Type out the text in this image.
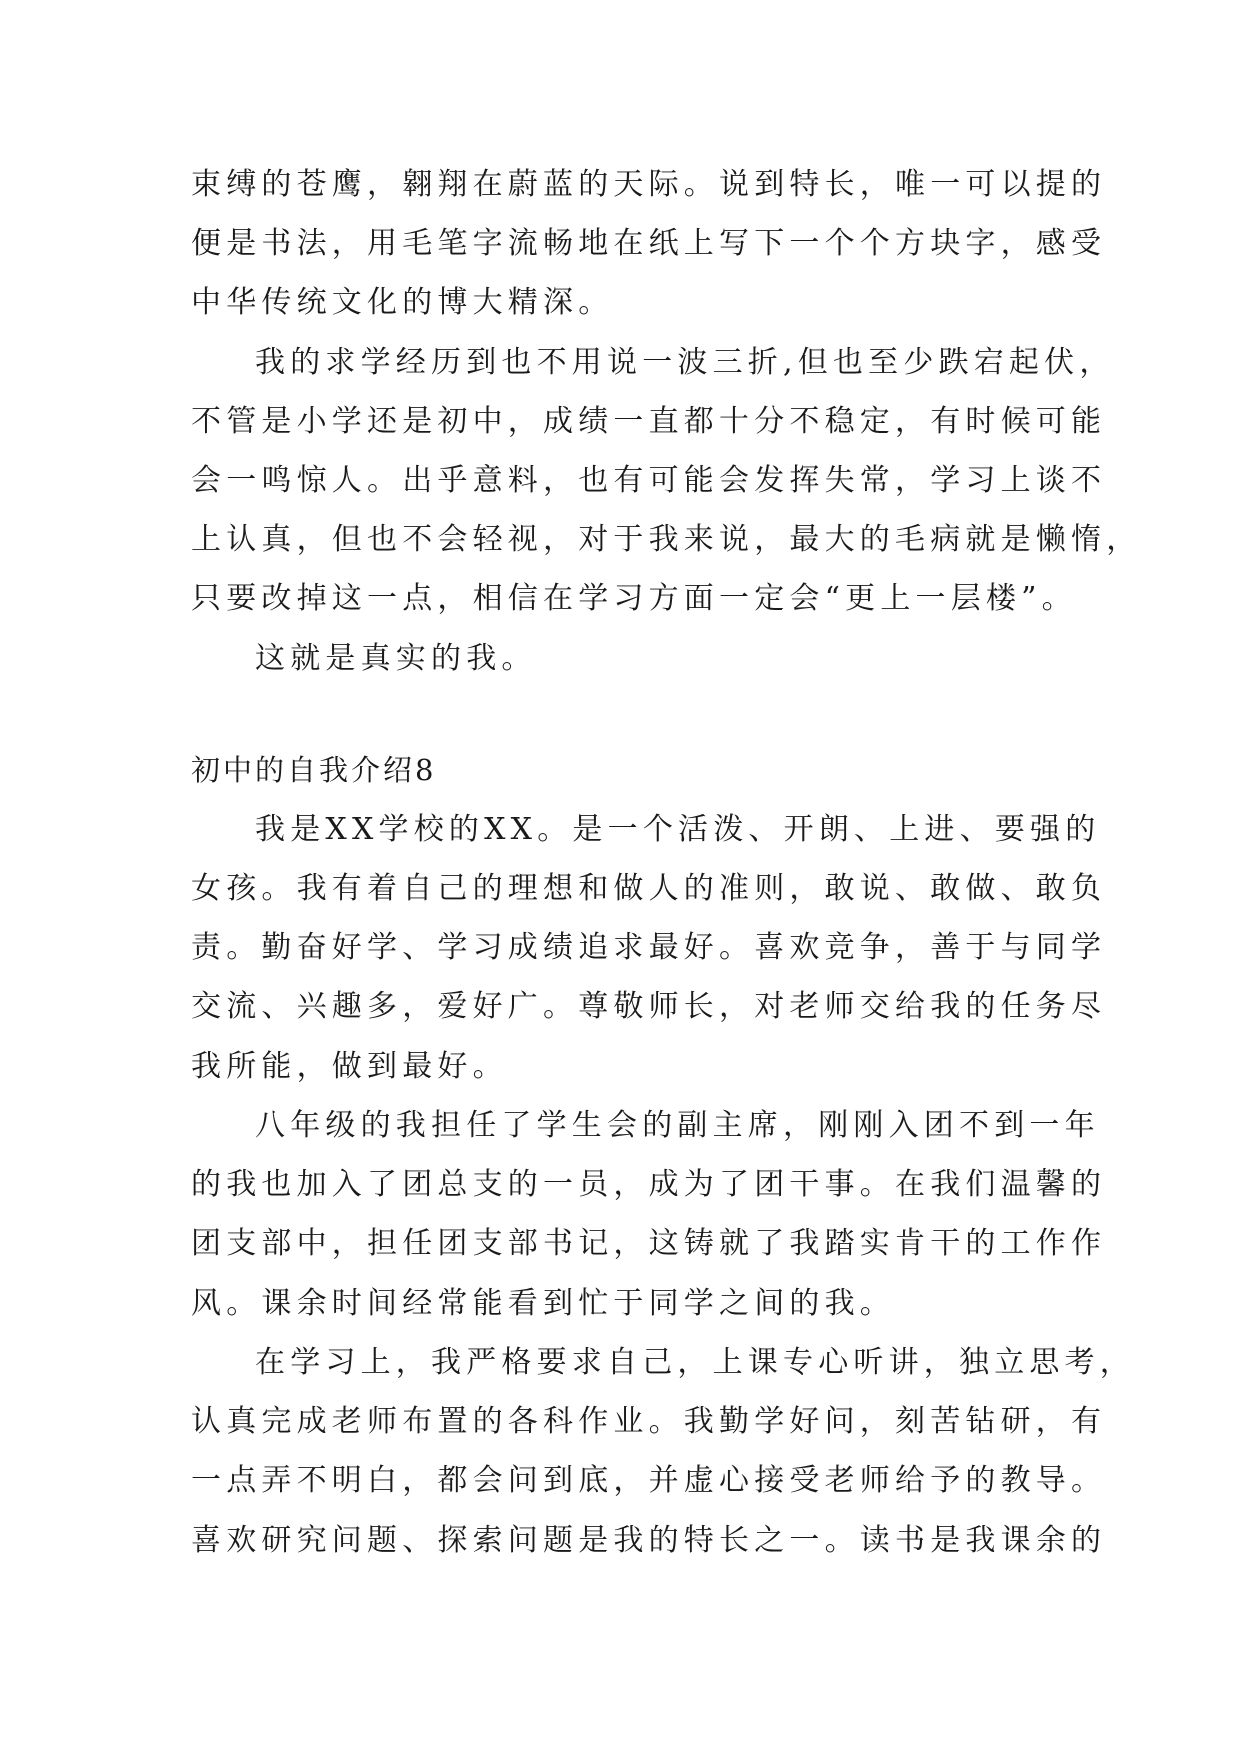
束缚的苍鹰，翱翔在蔚蓝的天际。说到特长，唯一可以提的

便是书法，用毛笔字流畅地在纸上写下一个个方块字，感受

中华传统文化的博大精深。

我的求学经历到也不用说一波三折,但也至少跌宕起伏，

不管是小学还是初中，成绩一直都十分不稳定，有时候可能

会一鸣惊人。出乎意料，也有可能会发挥失常，学习上谈不

上认真，但也不会轻视，对于我来说，最大的毛病就是懒惰，

只要改掉这一点，相信在学习方面一定会“更上一层楼”。

这就是真实的我。

初中的自我介绍8

我是XX学校的XX。是一个活泼、开朗、上进、要强的

女孩。我有着自己的理想和做人的准则，敢说、敢做、敢负

责。勤奋好学、学习成绩追求最好。喜欢竞争，善于与同学

交流、兴趣多，爱好广。尊敬师长，对老师交给我的任务尽

我所能，做到最好。

八年级的我担任了学生会的副主席，刚刚入团不到一年

的我也加入了团总支的一员，成为了团干事。在我们温馨的

团支部中，担任团支部书记，这铸就了我踏实肯干的工作作

风。课余时间经常能看到忙于同学之间的我。

在学习上，我严格要求自己，上课专心听讲，独立思考，

认真完成老师布置的各科作业。我勤学好问，刻苦钻研，有

一点弄不明白，都会问到底，并虚心接受老师给予的教导。

喜欢研究问题、探索问题是我的特长之一。读书是我课余的
